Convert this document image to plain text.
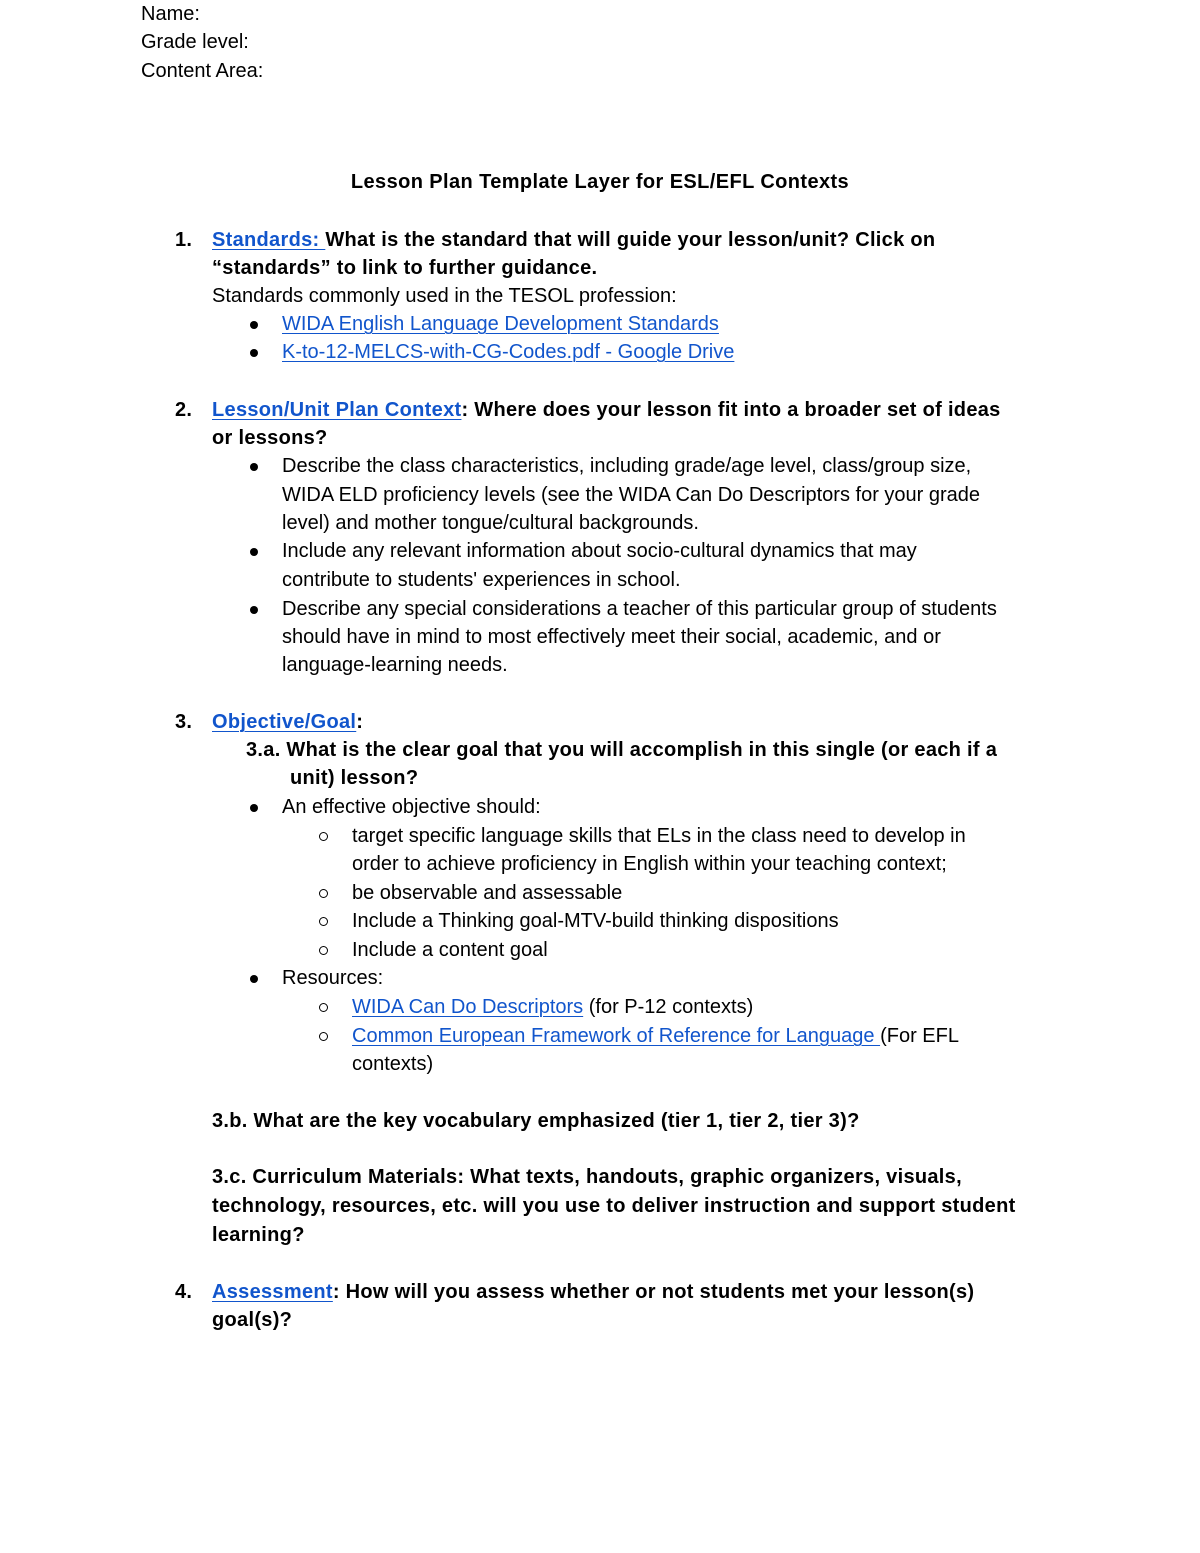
Name:
Grade level:
Content Area:
Lesson Plan Template Layer for ESL/EFL Contexts
1. Standards: What is the standard that will guide your lesson/unit? Click on
“standards” to link to further guidance.
Standards commonly used in the TESOL profession:
WIDA English Language Development Standards
K-to-12-MELCS-with-CG-Codes.pdf - Google Drive
2. Lesson/Unit Plan Context: Where does your lesson fit into a broader set of ideas
or lessons?
Describe the class characteristics, including grade/age level, class/group size,
WIDA ELD proficiency levels (see the WIDA Can Do Descriptors for your grade
level) and mother tongue/cultural backgrounds.
Include any relevant information about socio-cultural dynamics that may
contribute to students' experiences in school.
Describe any special considerations a teacher of this particular group of students
should have in mind to most effectively meet their social, academic, and or
language-learning needs.
3. Objective/Goal:
3.a. What is the clear goal that you will accomplish in this single (or each if a
unit) lesson?
An effective objective should:
target specific language skills that ELs in the class need to develop in
order to achieve proficiency in English within your teaching context;
be observable and assessable
Include a Thinking goal-MTV-build thinking dispositions
Include a content goal
Resources:
WIDA Can Do Descriptors (for P-12 contexts)
Common European Framework of Reference for Language (For EFL
contexts)
3.b. What are the key vocabulary emphasized (tier 1, tier 2, tier 3)?
3.c. Curriculum Materials: What texts, handouts, graphic organizers, visuals,
technology, resources, etc. will you use to deliver instruction and support student
learning?
4. Assessment: How will you assess whether or not students met your lesson(s)
goal(s)?
